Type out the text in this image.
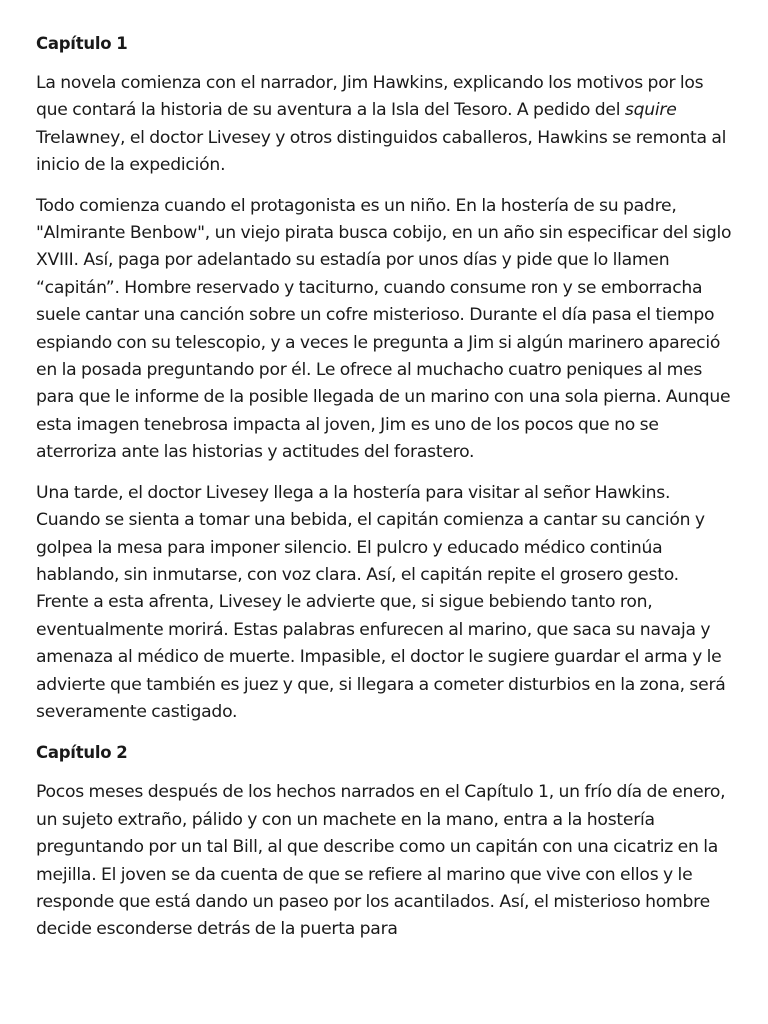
Capítulo 1

La novela comienza con el narrador, Jim Hawkins, explicando los motivos por los que contará la historia de su aventura a la Isla del Tesoro. A pedido del squire Trelawney, el doctor Livesey y otros distinguidos caballeros, Hawkins se remonta al inicio de la expedición.

Todo comienza cuando el protagonista es un niño. En la hostería de su padre, "Almirante Benbow", un viejo pirata busca cobijo, en un año sin especificar del siglo XVIII. Así, paga por adelantado su estadía por unos días y pide que lo llamen “capitán”. Hombre reservado y taciturno, cuando consume ron y se emborracha suele cantar una canción sobre un cofre misterioso. Durante el día pasa el tiempo espiando con su telescopio, y a veces le pregunta a Jim si algún marinero apareció en la posada preguntando por él. Le ofrece al muchacho cuatro peniques al mes para que le informe de la posible llegada de un marino con una sola pierna. Aunque esta imagen tenebrosa impacta al joven, Jim es uno de los pocos que no se aterroriza ante las historias y actitudes del forastero.

Una tarde, el doctor Livesey llega a la hostería para visitar al señor Hawkins. Cuando se sienta a tomar una bebida, el capitán comienza a cantar su canción y golpea la mesa para imponer silencio. El pulcro y educado médico continúa hablando, sin inmutarse, con voz clara. Así, el capitán repite el grosero gesto. Frente a esta afrenta, Livesey le advierte que, si sigue bebiendo tanto ron, eventualmente morirá. Estas palabras enfurecen al marino, que saca su navaja y amenaza al médico de muerte. Impasible, el doctor le sugiere guardar el arma y le advierte que también es juez y que, si llegara a cometer disturbios en la zona, será severamente castigado.

Capítulo 2

Pocos meses después de los hechos narrados en el Capítulo 1, un frío día de enero, un sujeto extraño, pálido y con un machete en la mano, entra a la hostería preguntando por un tal Bill, al que describe como un capitán con una cicatriz en la mejilla. El joven se da cuenta de que se refiere al marino que vive con ellos y le responde que está dando un paseo por los acantilados. Así, el misterioso hombre decide esconderse detrás de la puerta para
